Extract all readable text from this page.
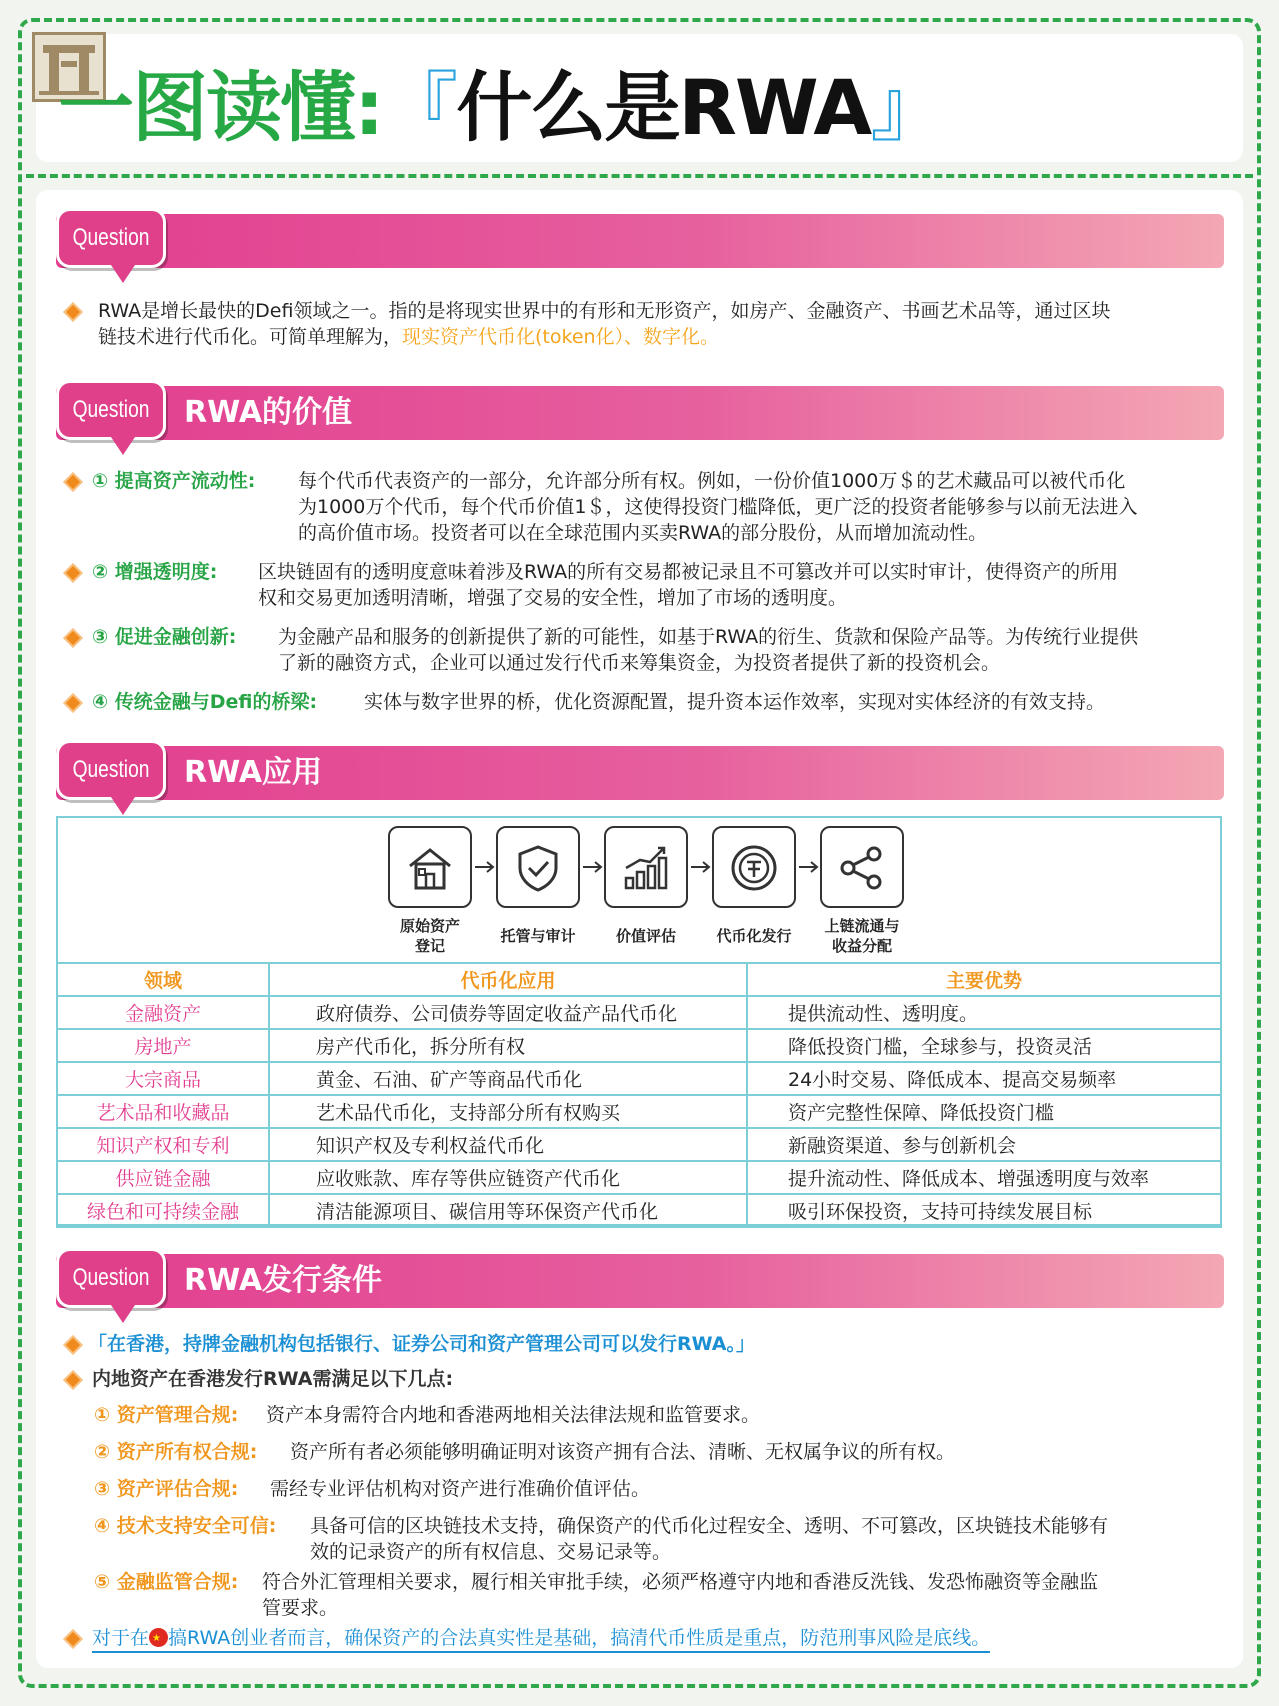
一图读懂:『什么是RWA』
Question
RWA是增长最快的Defi领域之一。指的是将现实世界中的有形和无形资产，如房产、金融资产、书画艺术品等，通过区块
链技术进行代币化。可简单理解为，现实资产代币化(token化）、数字化。
Question RWA的价值
① 提高资产流动性: 每个代币代表资产的一部分，允许部分所有权。例如，一份价值1000万＄的艺术藏品可以被代币化
为1000万个代币，每个代币价值1＄，这使得投资门槛降低，更广泛的投资者能够参与以前无法进入
的高价值市场。投资者可以在全球范围内买卖RWA的部分股份，从而增加流动性。
② 增强透明度: 区块链固有的透明度意味着涉及RWA的所有交易都被记录且不可篡改并可以实时审计，使得资产的所用
权和交易更加透明清晰，增强了交易的安全性，增加了市场的透明度。
③ 促进金融创新: 为金融产品和服务的创新提供了新的可能性，如基于RWA的衍生、货款和保险产品等。为传统行业提供
了新的融资方式，企业可以通过发行代币来筹集资金，为投资者提供了新的投资机会。
④ 传统金融与Defi的桥梁: 实体与数字世界的桥，优化资源配置，提升资本运作效率，实现对实体经济的有效支持。
Question RWA应用
原始资产
登记
托管与审计	价值评估	代币化发行
上链流通与
收益分配
领域	代币化应用	主要优势
金融资产	政府债券、公司债券等固定收益产品代币化	提供流动性、透明度。
房地产	房产代币化，拆分所有权	降低投资门槛，全球参与，投资灵活
大宗商品	黄金、石油、矿产等商品代币化	24小时交易、降低成本、提高交易频率
艺术品和收藏品	艺术品代币化，支持部分所有权购买	资产完整性保障、降低投资门槛
知识产权和专利	知识产权及专利权益代币化	新融资渠道、参与创新机会
供应链金融	应收账款、库存等供应链资产代币化	提升流动性、降低成本、增强透明度与效率
绿色和可持续金融	清洁能源项目、碳信用等环保资产代币化	吸引环保投资，支持可持续发展目标
Question RWA发行条件
「在香港，持牌金融机构包括银行、证券公司和资产管理公司可以发行RWA。」
内地资产在香港发行RWA需满足以下几点:
① 资产管理合规: 资产本身需符合内地和香港两地相关法律法规和监管要求。
② 资产所有权合规: 资产所有者必须能够明确证明对该资产拥有合法、清晰、无权属争议的所有权。
③ 资产评估合规: 需经专业评估机构对资产进行准确价值评估。
④ 技术支持安全可信: 具备可信的区块链技术支持，确保资产的代币化过程安全、透明、不可篡改，区块链技术能够有
效的记录资产的所有权信息、交易记录等。
⑤ 金融监管合规: 符合外汇管理相关要求，履行相关审批手续，必须严格遵守内地和香港反洗钱、发恐怖融资等金融监
管要求。
对于在 ★ 搞RWA创业者而言，确保资产的合法真实性是基础，搞清代币性质是重点，防范刑事风险是底线。
